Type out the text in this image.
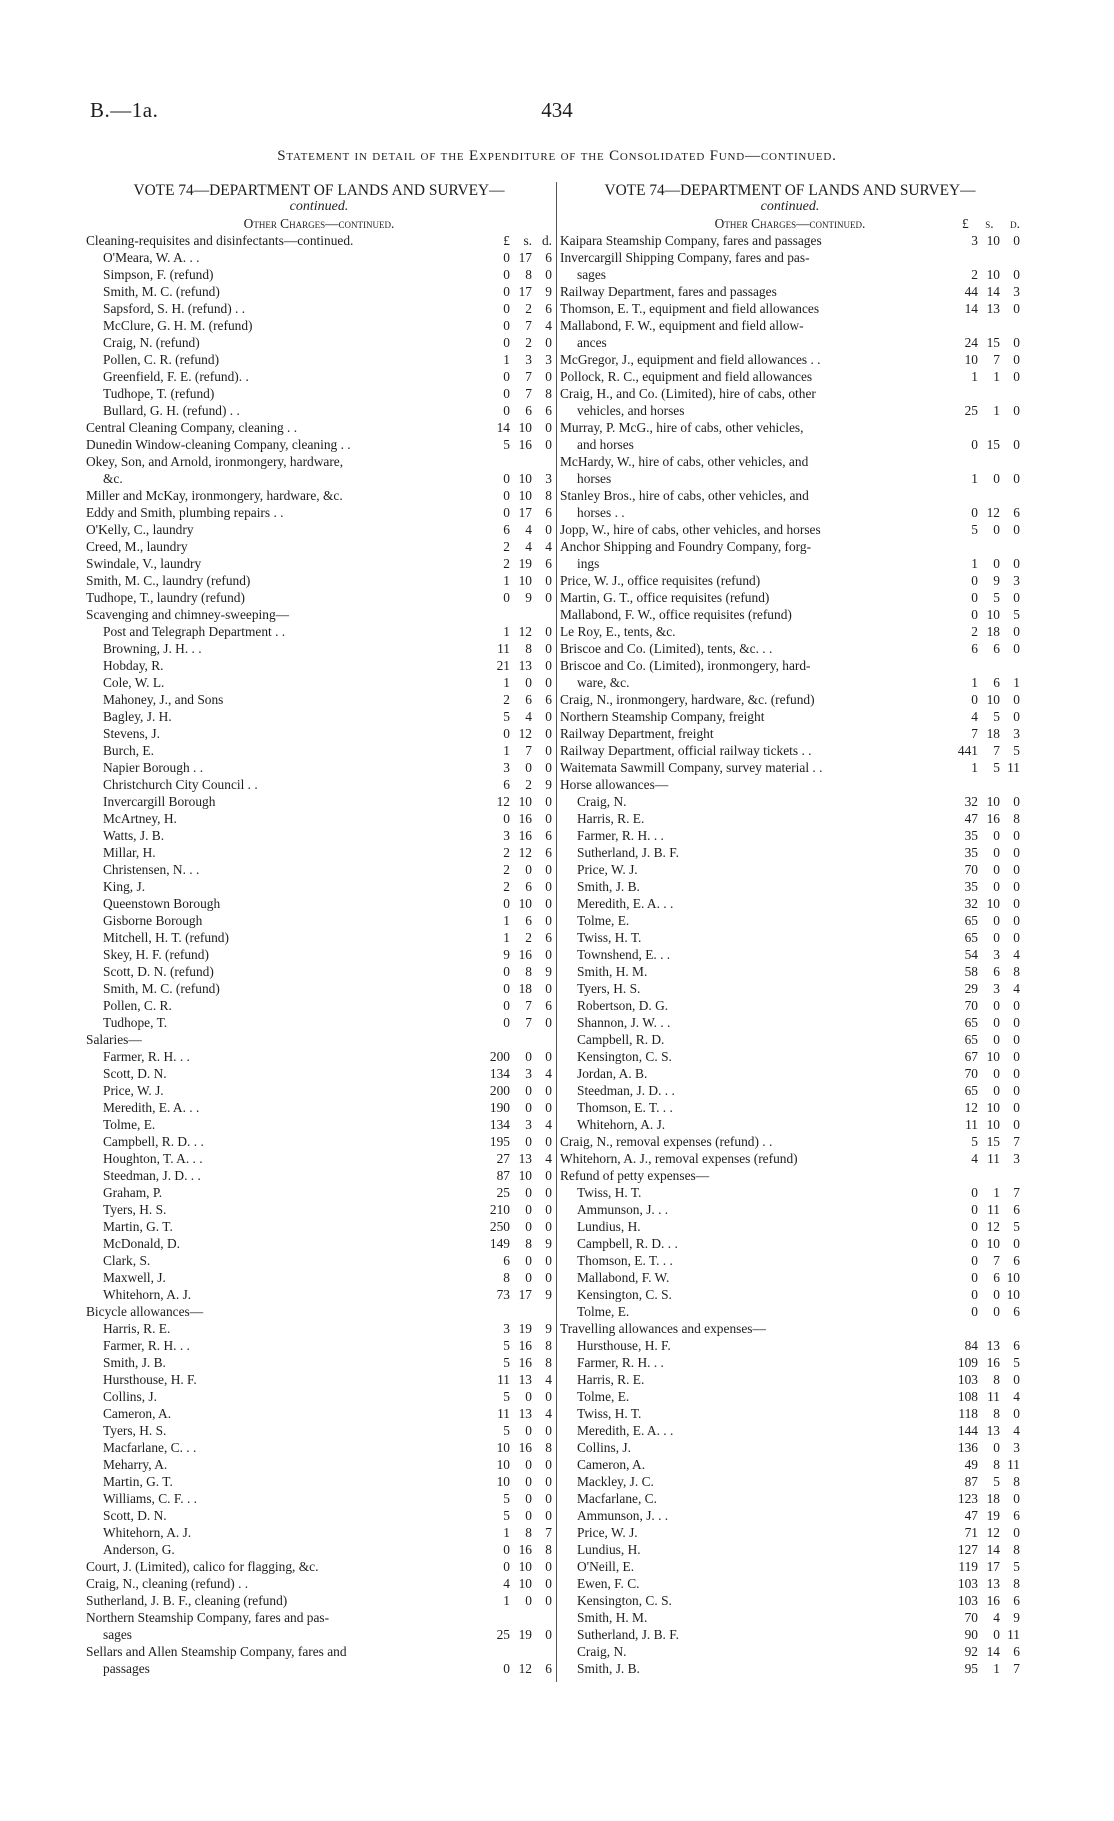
B.—1a.	434
Statement in detail of the Expenditure of the Consolidated Fund—continued.
VOTE 74—DEPARTMENT OF LANDS AND SURVEY—
continued.
Other Charges—continued.
Cleaning-requisites and disinfectants—continued.	£	s. d.
O'Meara, W. A. . .	0 17 6
Simpson, F. (refund)	0	8 0
Smith, M. C. (refund)	0 17 9
Sapsford, S. H. (refund) . .	0	2 6
McClure, G. H. M. (refund)	0	7 4
Craig, N. (refund)	0	2 0
Pollen, C. R. (refund)	1	3 3
Greenfield, F. E. (refund). .	0	7 0
Tudhope, T. (refund)	0	7 8
Bullard, G. H. (refund) . .	0	6 6
Central Cleaning Company, cleaning . .	14 10 0
Dunedin Window-cleaning Company, cleaning . .	5 16 0
Okey, Son, and Arnold, ironmongery, hardware,
&c.	0 10 3
Miller and McKay, ironmongery, hardware, &c.	0 10 8
Eddy and Smith, plumbing repairs . .	0 17 6
O'Kelly, C., laundry	6	4 0
Creed, M., laundry	2	4 4
Swindale, V., laundry	2 19 6
Smith, M. C., laundry (refund)	1 10 0
Tudhope, T., laundry (refund)	0	9 0
Scavenging and chimney-sweeping—
Post and Telegraph Department . .	1 12 0
Browning, J. H. . .	11	8 0
Hobday, R.	21 13 0
Cole, W. L.	1	0 0
Mahoney, J., and Sons	2	6 6
Bagley, J. H.	5	4 0
Stevens, J.	0 12 0
Burch, E.	1	7 0
Napier Borough . .	3	0 0
Christchurch City Council . .	6	2 9
Invercargill Borough	12 10 0
McArtney, H.	0 16 0
Watts, J. B.	3 16 6
Millar, H.	2 12 6
Christensen, N. . .	2	0 0
King, J.	2	6 0
Queenstown Borough	0 10 0
Gisborne Borough	1	6 0
Mitchell, H. T. (refund)	1	2 6
Skey, H. F. (refund)	9 16 0
Scott, D. N. (refund)	0	8 9
Smith, M. C. (refund)	0 18 0
Pollen, C. R.	0	7 6
Tudhope, T.	0	7 0
Salaries—
Farmer, R. H. . .	200	0 0
Scott, D. N.	134	3 4
Price, W. J.	200	0 0
Meredith, E. A. . .	190	0 0
Tolme, E.	134	3 4
Campbell, R. D. . .	195	0 0
Houghton, T. A. . .	27 13 4
Steedman, J. D. . .	87 10 0
Graham, P.	25	0 0
Tyers, H. S.	210	0 0
Martin, G. T.	250	0 0
McDonald, D.	149	8 9
Clark, S.	6	0 0
Maxwell, J.	8	0 0
Whitehorn, A. J.	73 17 9
Bicycle allowances—
Harris, R. E.	3 19 9
Farmer, R. H. . .	5 16 8
Smith, J. B.	5 16 8
Hursthouse, H. F.	11 13 4
Collins, J.	5	0 0
Cameron, A.	11 13 4
Tyers, H. S.	5	0 0
Macfarlane, C. . .	10 16 8
Meharry, A.	10	0 0
Martin, G. T.	10	0 0
Williams, C. F. . .	5	0 0
Scott, D. N.	5	0 0
Whitehorn, A. J.	1	8 7
Anderson, G.	0 16 8
Court, J. (Limited), calico for flagging, &c.	0 10 0
Craig, N., cleaning (refund) . .	4 10 0
Sutherland, J. B. F., cleaning (refund)	1	0 0
Northern Steamship Company, fares and pas-
sages	25 19 0
Sellars and Allen Steamship Company, fares and
passages	0 12 6
VOTE 74—DEPARTMENT OF LANDS AND SURVEY—
continued.
Other Charges—continued.	£ s. d.
Kaipara Steamship Company, fares and passages	3 10 0
Invercargill Shipping Company, fares and pas-
sages	2 10 0
Railway Department, fares and passages	44 14 3
Thomson, E. T., equipment and field allowances	14 13 0
Mallabond, F. W., equipment and field allow-
ances	24 15 0
McGregor, J., equipment and field allowances . .	10	7 0
Pollock, R. C., equipment and field allowances	1	1 0
Craig, H., and Co. (Limited), hire of cabs, other
vehicles, and horses	25	1 0
Murray, P. McG., hire of cabs, other vehicles,
and horses	0 15 0
McHardy, W., hire of cabs, other vehicles, and
horses	1	0 0
Stanley Bros., hire of cabs, other vehicles, and
horses . .	0 12 6
Jopp, W., hire of cabs, other vehicles, and horses	5	0 0
Anchor Shipping and Foundry Company, forg-
ings	1	0 0
Price, W. J., office requisites (refund)	0	9 3
Martin, G. T., office requisites (refund)	0	5 0
Mallabond, F. W., office requisites (refund)	0 10 5
Le Roy, E., tents, &c.	2 18 0
Briscoe and Co. (Limited), tents, &c. . .	6	6 0
Briscoe and Co. (Limited), ironmongery, hard-
ware, &c.	1	6 1
Craig, N., ironmongery, hardware, &c. (refund)	0 10 0
Northern Steamship Company, freight	4	5 0
Railway Department, freight	7 18 3
Railway Department, official railway tickets . .	441	7 5
Waitemata Sawmill Company, survey material . .	1	5 11
Horse allowances—
Craig, N.	32 10 0
Harris, R. E.	47 16 8
Farmer, R. H. . .	35	0 0
Sutherland, J. B. F.	35	0 0
Price, W. J.	70	0 0
Smith, J. B.	35	0 0
Meredith, E. A. . .	32 10 0
Tolme, E.	65	0 0
Twiss, H. T.	65	0 0
Townshend, E. . .	54	3 4
Smith, H. M.	58	6 8
Tyers, H. S.	29	3 4
Robertson, D. G.	70	0 0
Shannon, J. W. . .	65	0 0
Campbell, R. D.	65	0 0
Kensington, C. S.	67 10 0
Jordan, A. B.	70	0 0
Steedman, J. D. . .	65	0 0
Thomson, E. T. . .	12 10 0
Whitehorn, A. J.	11 10 0
Craig, N., removal expenses (refund) . .	5 15 7
Whitehorn, A. J., removal expenses (refund)	4 11 3
Refund of petty expenses—
Twiss, H. T.	0	1 7
Ammunson, J. . .	0 11 6
Lundius, H.	0 12 5
Campbell, R. D. . .	0 10 0
Thomson, E. T. . .	0	7 6
Mallabond, F. W.	0	6 10
Kensington, C. S.	0	0 10
Tolme, E.	0	0 6
Travelling allowances and expenses—
Hursthouse, H. F.	84 13 6
Farmer, R. H. . .	109 16 5
Harris, R. E.	103	8 0
Tolme, E.	108 11 4
Twiss, H. T.	118	8 0
Meredith, E. A. . .	144 13 4
Collins, J.	136	0 3
Cameron, A.	49	8 11
Mackley, J. C.	87	5 8
Macfarlane, C.	123 18 0
Ammunson, J. . .	47 19 6
Price, W. J.	71 12 0
Lundius, H.	127 14 8
O'Neill, E.	119 17 5
Ewen, F. C.	103 13 8
Kensington, C. S.	103 16 6
Smith, H. M.	70	4 9
Sutherland, J. B. F.	90	0 11
Craig, N.	92 14 6
Smith, J. B.	95	1 7
